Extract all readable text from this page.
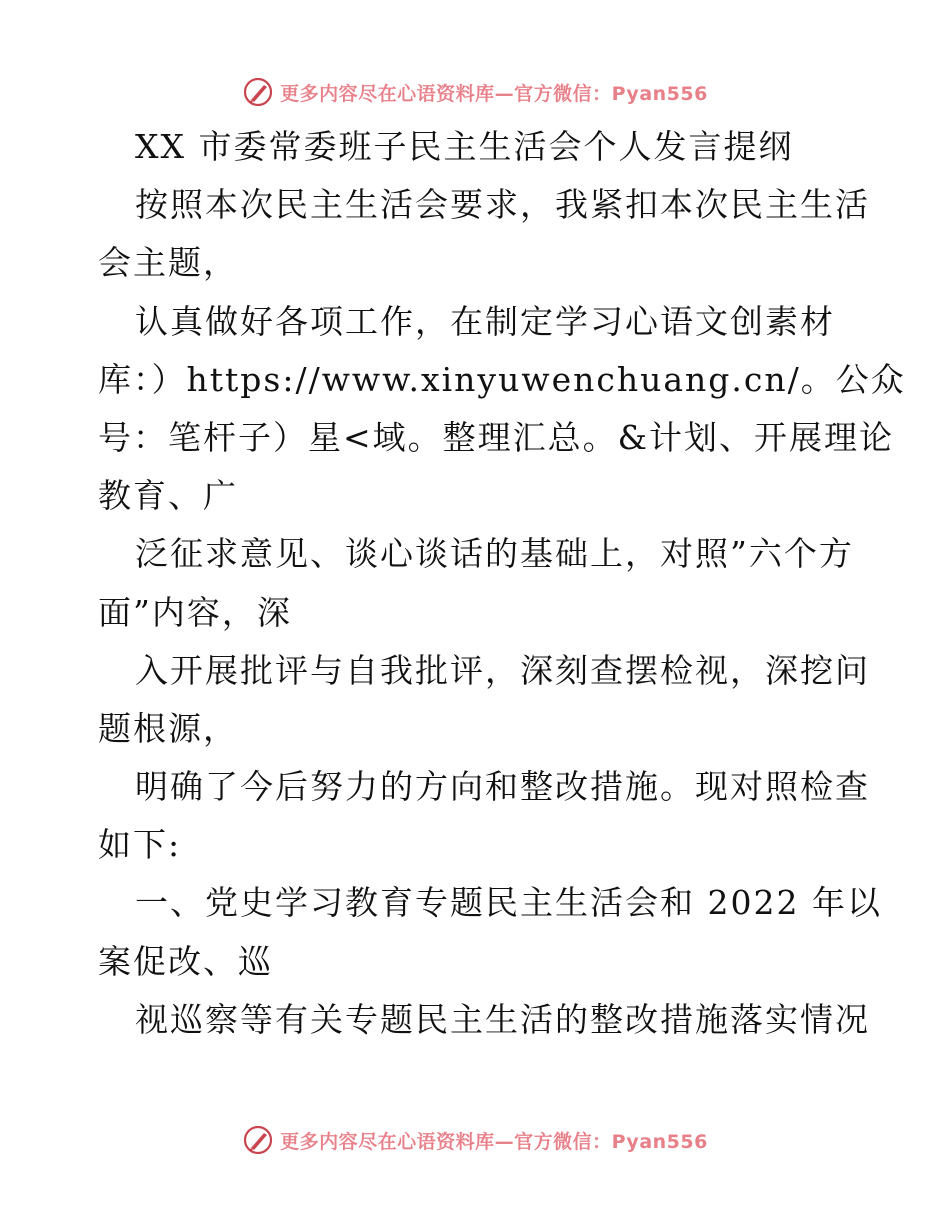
更多内容尽在心语资料库—官方微信：Pyan556
XX 市委常委班子民主生活会个人发言提纲
按照本次民主生活会要求，我紧扣本次民主生活
会主题，
认真做好各项工作，在制定学习心语文创素材
库：）https://www.xinyuwenchuang.cn/。公众
号：笔杆子）星<域。整理汇总。&计划、开展理论
教育、广
泛征求意见、谈心谈话的基础上，对照”六个方
面”内容，深
入开展批评与自我批评，深刻查摆检视，深挖问
题根源，
明确了今后努力的方向和整改措施。现对照检查
如下:
一、党史学习教育专题民主生活会和 2022 年以
案促改、巡
视巡察等有关专题民主生活的整改措施落实情况
更多内容尽在心语资料库—官方微信：Pyan556
